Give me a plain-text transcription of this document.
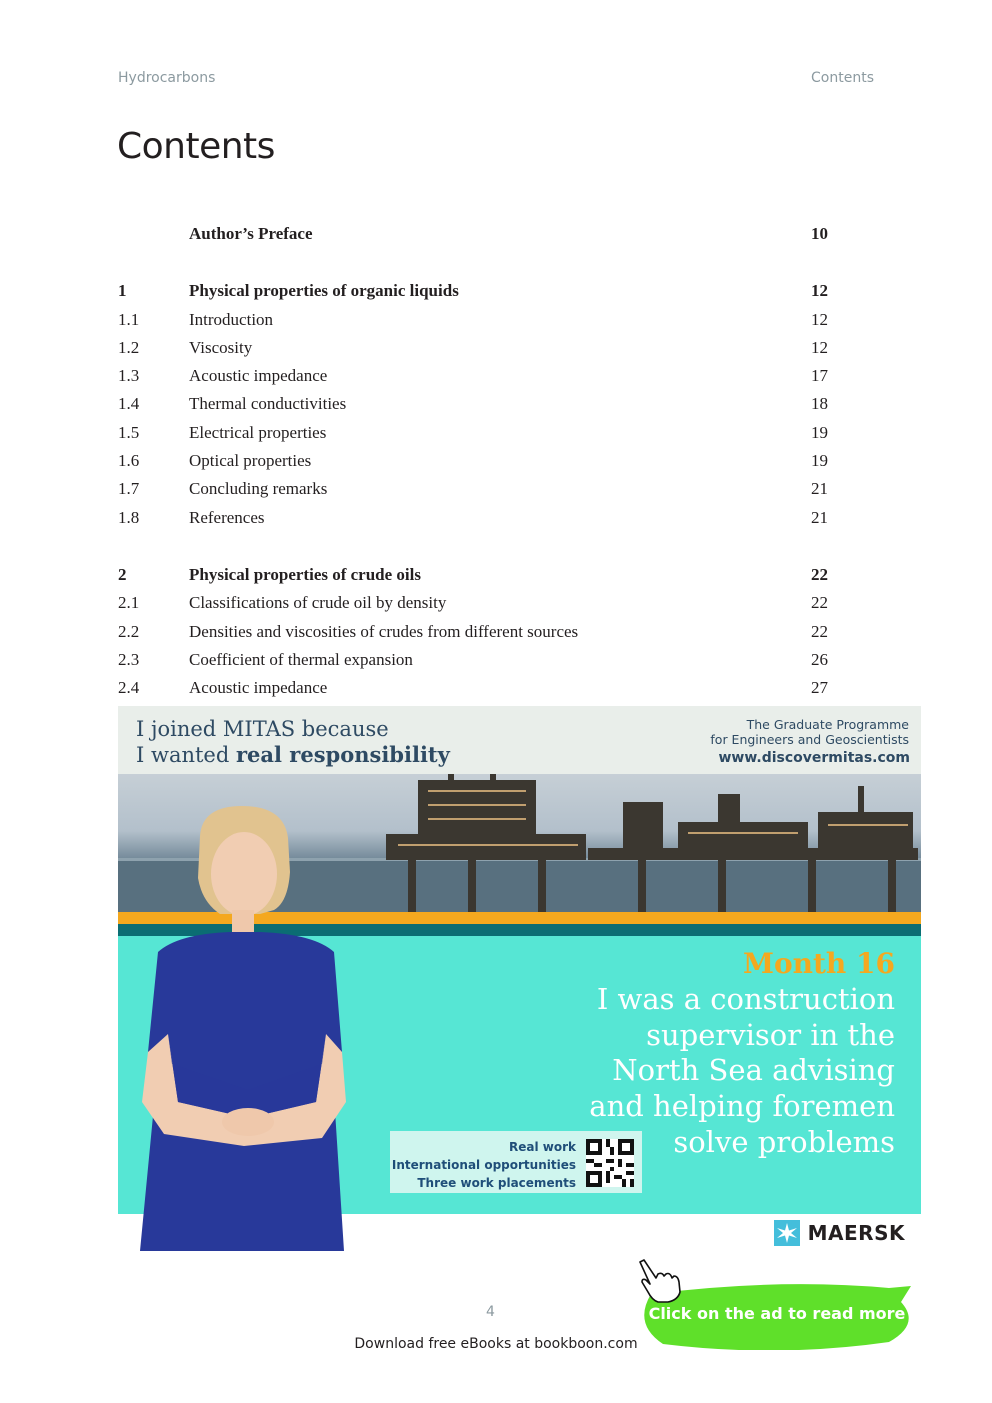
Hydrocarbons	Contents
Contents
Author’s Preface	10
1	Physical properties of organic liquids	12
1.1	Introduction	12
1.2	Viscosity	12
1.3	Acoustic impedance	17
1.4	Thermal conductivities	18
1.5	Electrical properties	19
1.6	Optical properties	19
1.7	Concluding remarks	21
1.8	References	21
2	Physical properties of crude oils	22
2.1	Classifications of crude oil by density	22
2.2	Densities and viscosities of crudes from different sources	22
2.3	Coefficient of thermal expansion	26
2.4	Acoustic impedance	27
I joined MITAS because
I wanted real responsibility
The Graduate Programme
for Engineers and Geoscientists
www.discovermitas.com
Month 16
I was a construction supervisor in the North Sea advising and helping foremen solve problems
Real work
International opportunities
Three work placements
MAERSK
4
Download free eBooks at bookboon.com
Click on the ad to read more
